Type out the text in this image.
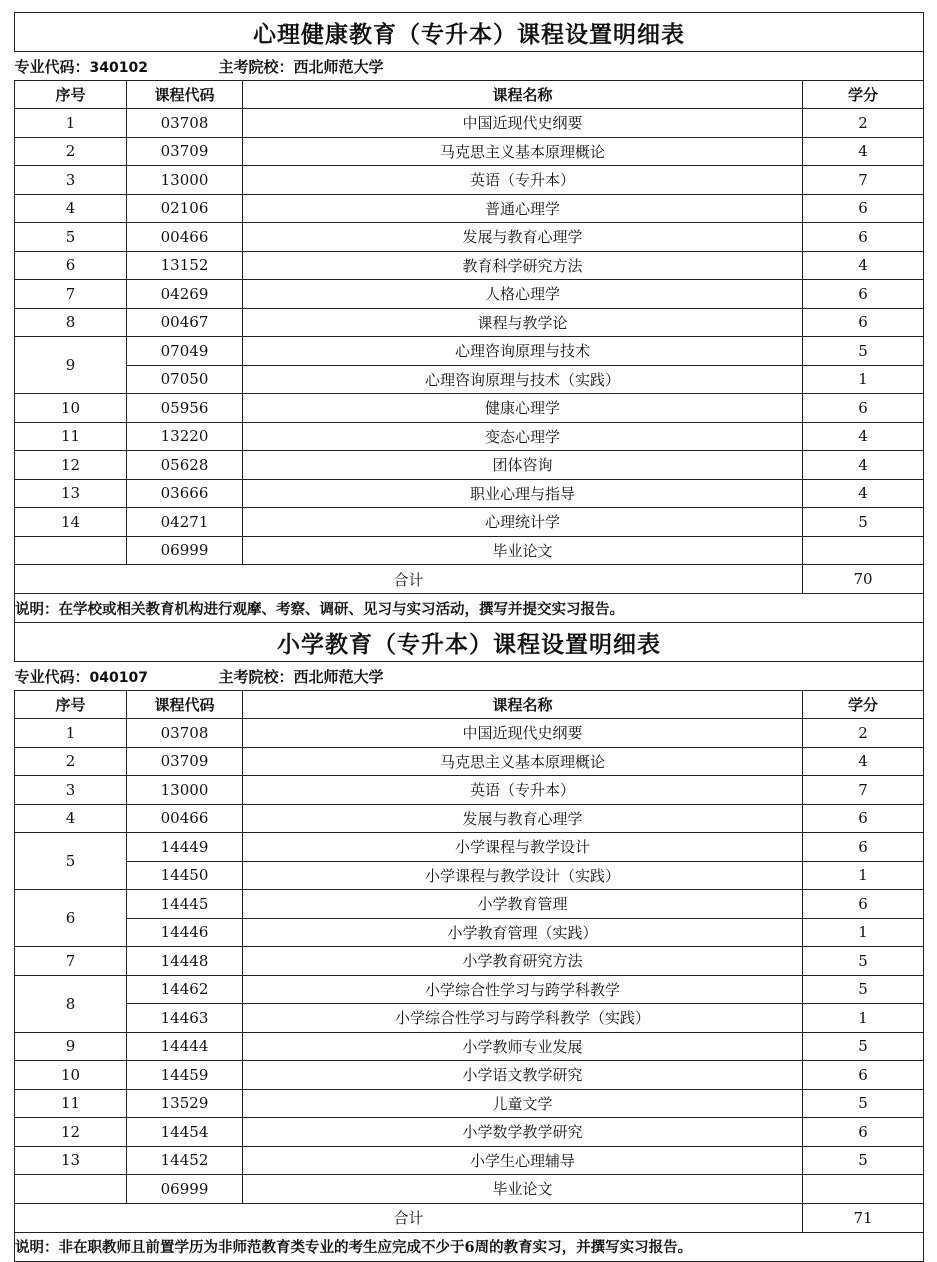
心理健康教育（专升本）课程设置明细表			
专业代码：340102 主考院校：西北师范大学			
序号	课程代码	课程名称	学分
1	03708	中国近现代史纲要	2
2	03709	马克思主义基本原理概论	4
3	13000	英语（专升本）	7
4	02106	普通心理学	6
5	00466	发展与教育心理学	6
6	13152	教育科学研究方法	4
7	04269	人格心理学	6
8	00467	课程与教学论	6
9	07049	心理咨询原理与技术	5
	07050	心理咨询原理与技术（实践）	1
10	05956	健康心理学	6
11	13220	变态心理学	4
12	05628	团体咨询	4
13	03666	职业心理与指导	4
14	04271	心理统计学	5
	06999	毕业论文	
合计			70
说明：在学校或相关教育机构进行观摩、考察、调研、见习与实习活动，撰写并提交实习报告。			
小学教育（专升本）课程设置明细表			
专业代码：040107 主考院校：西北师范大学			
序号	课程代码	课程名称	学分
1	03708	中国近现代史纲要	2
2	03709	马克思主义基本原理概论	4
3	13000	英语（专升本）	7
4	00466	发展与教育心理学	6
5	14449	小学课程与教学设计	6
	14450	小学课程与教学设计（实践）	1
6	14445	小学教育管理	6
	14446	小学教育管理（实践）	1
7	14448	小学教育研究方法	5
8	14462	小学综合性学习与跨学科教学	5
	14463	小学综合性学习与跨学科教学（实践）	1
9	14444	小学教师专业发展	5
10	14459	小学语文教学研究	6
11	13529	儿童文学	5
12	14454	小学数学教学研究	6
13	14452	小学生心理辅导	5
	06999	毕业论文	
合计			71
说明：非在职教师且前置学历为非师范教育类专业的考生应完成不少于6周的教育实习，并撰写实习报告。			
